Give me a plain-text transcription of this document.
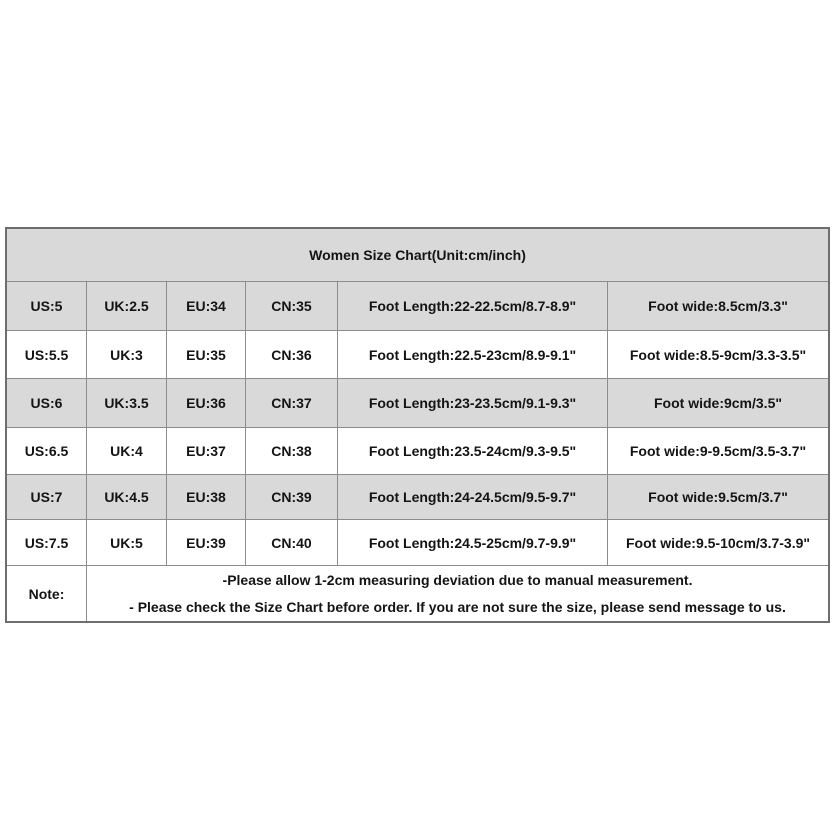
Women Size Chart(Unit:cm/inch)
US:5	UK:2.5	EU:34	CN:35	Foot Length:22-22.5cm/8.7-8.9"	Foot wide:8.5cm/3.3"
US:5.5	UK:3	EU:35	CN:36	Foot Length:22.5-23cm/8.9-9.1"	Foot wide:8.5-9cm/3.3-3.5"
US:6	UK:3.5	EU:36	CN:37	Foot Length:23-23.5cm/9.1-9.3"	Foot wide:9cm/3.5"
US:6.5	UK:4	EU:37	CN:38	Foot Length:23.5-24cm/9.3-9.5"	Foot wide:9-9.5cm/3.5-3.7"
US:7	UK:4.5	EU:38	CN:39	Foot Length:24-24.5cm/9.5-9.7"	Foot wide:9.5cm/3.7"
US:7.5	UK:5	EU:39	CN:40	Foot Length:24.5-25cm/9.7-9.9"	Foot wide:9.5-10cm/3.7-3.9"
Note:
-Please allow 1-2cm measuring deviation due to manual measurement.
- Please check the Size Chart before order. If you are not sure the size, please send message to us.
